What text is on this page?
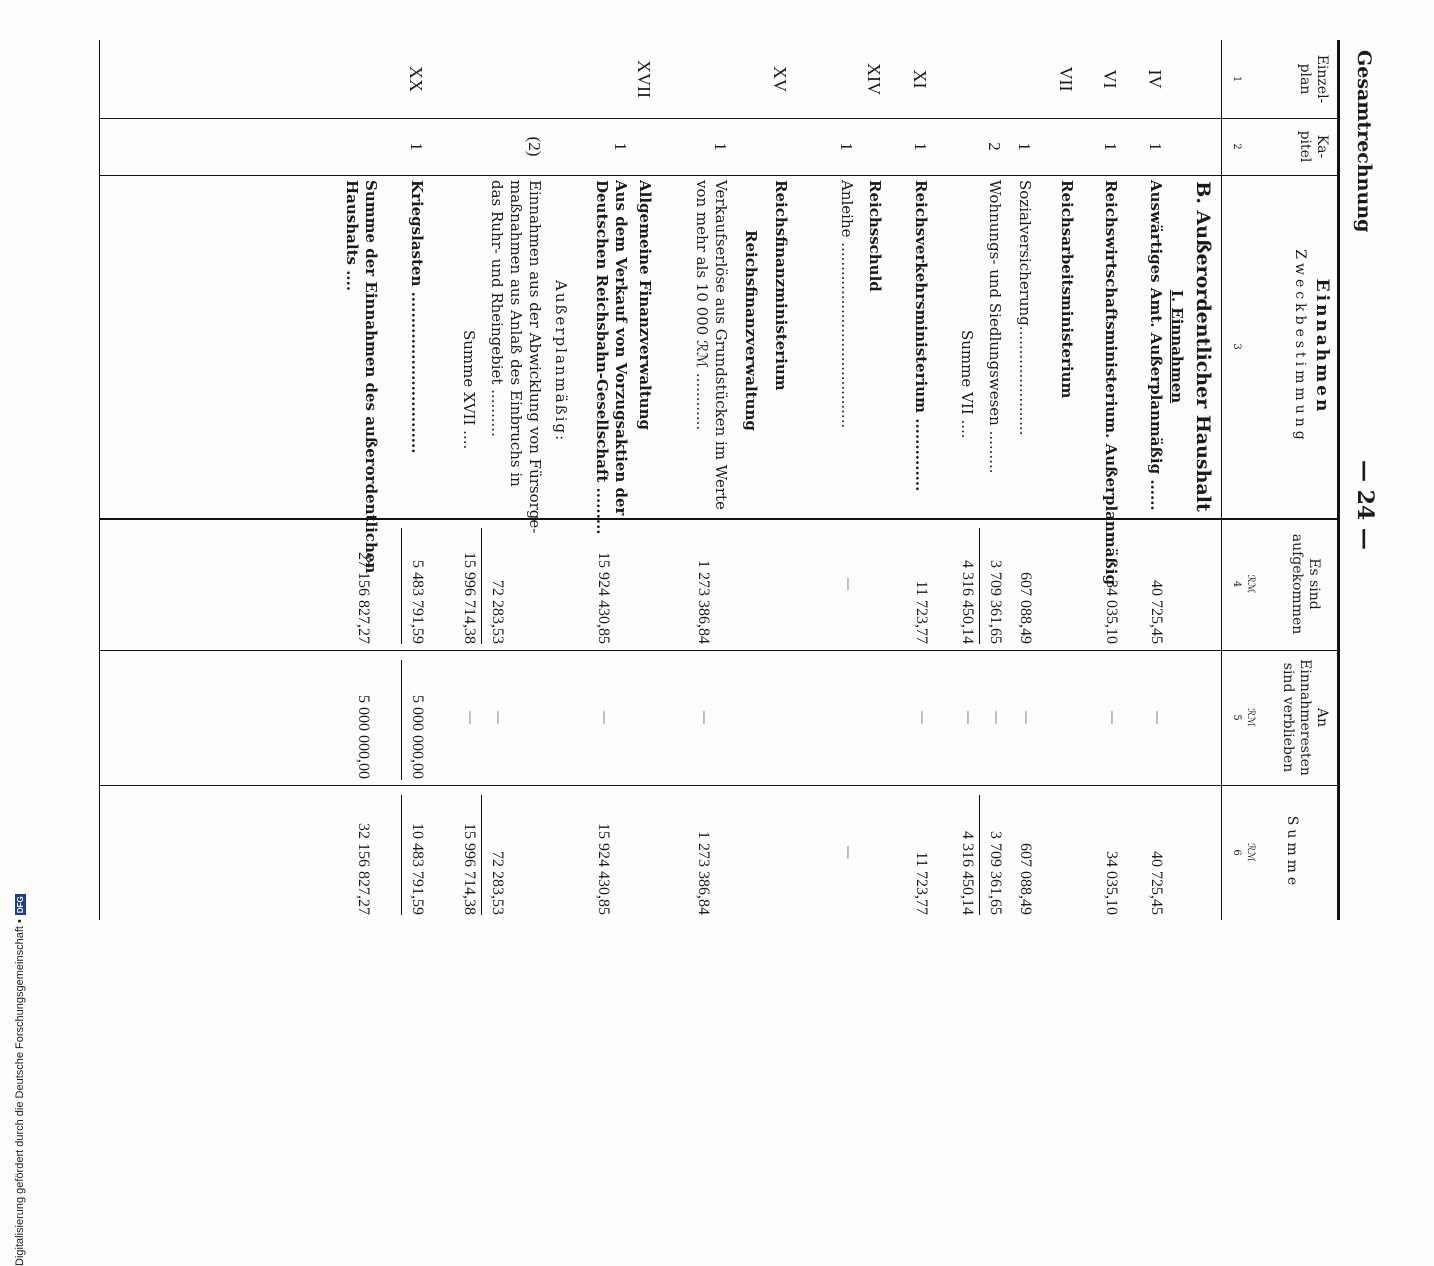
Gesamtrechnung
— 24 —
Einzel-
plan
Ka-
pitel
Einnahmen
Zweckbestimmung
Es sind
aufgekommen
An
Einnahmeresten
sind verblieben
Summe
ℛℳ
ℛℳ
ℛℳ
1
2
3
4
5
6
B. Außerordentlicher Haushalt
I. Einnahmen
IV
1
Auswärtiges Amt. Außerplanmäßig ......
40 725,45
—
40 725,45
VI
1
Reichswirtschaftsministerium. Außerplanmäßig
34 035,10
—
34 035,10
VII
Reichsarbeitsministerium
1
Sozialversicherung.......................
607 088,49
—
607 088,49
2
Wohnungs- und Siedlungswesen .........
3 709 361,65
—
3 709 361,65
Summe VII ....
4 316 450,14
—
4 316 450,14
XI
1
Reichsverkehrsministerium ..............
11 723,77
—
11 723,77
XIV
Reichsschuld
1
Anleihe .......................................
—
—
XV
Reichsfinanzministerium
Reichsfinanzverwaltung
1
Verkaufserlöse aus Grundstücken im Werte
von mehr als 10 000 ℛℳ ............
1 273 386,84
—
1 273 386,84
XVII
Allgemeine Finanzverwaltung
1
Aus dem Verkauf von Vorzugsaktien der
Deutschen Reichsbahn-Gesellschaft .........
15 924 430,85
—
15 924 430,85
Außerplanmäßig:
(2)
Einnahmen aus der Abwicklung von Fürsorge-
maßnahmen aus Anlaß des Einbruchs in
das Ruhr- und Rheingebiet ..........
72 283,53
—
72 283,53
Summe XVII ....
15 996 714,38
—
15 996 714,38
XX
1
Kriegslasten ...............................
5 483 791,59
5 000 000,00
10 483 791,59
Summe der Einnahmen des außerordentlichen
Haushalts ....
27 156 827,27
5 000 000,00
32 156 827,27
Digitalisierung gefördert durch die Deutsche Forschungsgemeinschaft •DFG
